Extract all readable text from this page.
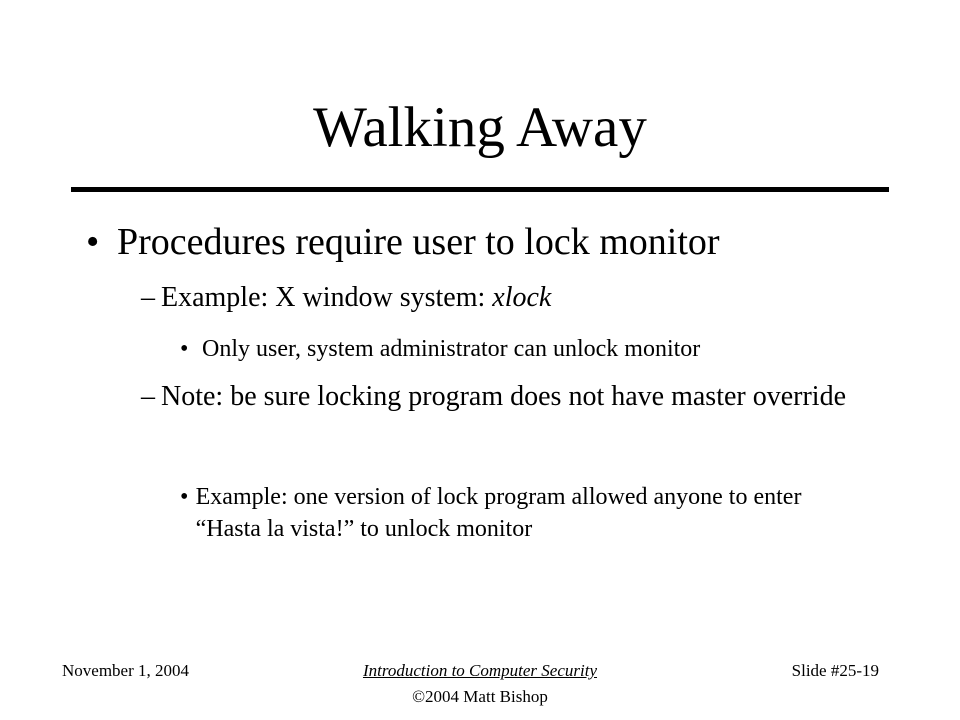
Walking Away
• Procedures require user to lock monitor
– Example: X window system: xlock
• Only user, system administrator can unlock monitor
– Note: be sure locking program does not have master override
• Example: one version of lock program allowed anyone to enter “Hasta la vista!” to unlock monitor
November 1, 2004	Introduction to Computer Security
©2004 Matt Bishop
Slide #25-19
